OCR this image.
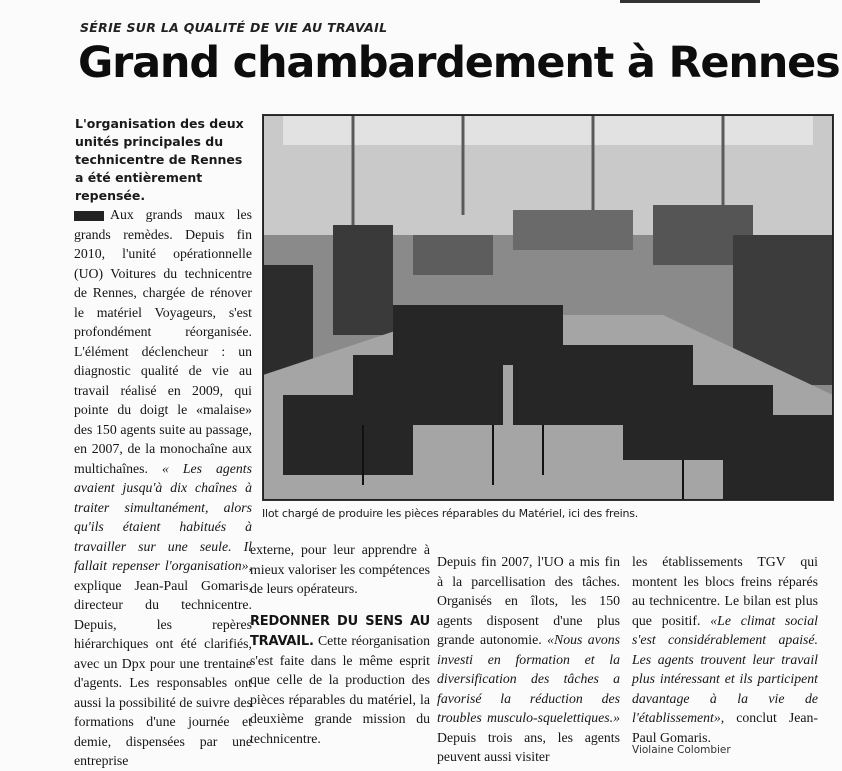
SÉRIE SUR LA QUALITÉ DE VIE AU TRAVAIL
Grand chambardement à Rennes
L'organisation des deux unités principales du technicentre de Rennes a été entièrement repensée.
Ilot chargé de produire les pièces réparables du Matériel, ici des freins.
Aux grands maux les grands remèdes. Depuis fin 2010, l'unité opérationnelle (UO) Voitures du technicentre de Rennes, chargée de rénover le matériel Voyageurs, s'est profondément réorganisée. L'élément déclencheur : un diagnostic qualité de vie au travail réalisé en 2009, qui pointe du doigt le «malaise» des 150 agents suite au passage, en 2007, de la monochaîne aux multichaînes. « Les agents avaient jusqu'à dix chaînes à traiter simultanément, alors qu'ils étaient habitués à travailler sur une seule. Il fallait repenser l'organisation», explique Jean-Paul Gomaris, directeur du technicentre. Depuis, les repères hiérarchiques ont été clarifiés, avec un Dpx pour une trentaine d'agents. Les responsables ont aussi la possibilité de suivre des formations d'une journée et demie, dispensées par une entreprise
externe, pour leur apprendre à mieux valoriser les compétences de leurs opérateurs.
REDONNER DU SENS AU TRAVAIL. Cette réorganisation s'est faite dans le même esprit que celle de la production des pièces réparables du matériel, la deuxième grande mission du technicentre.
Depuis fin 2007, l'UO a mis fin à la parcellisation des tâches. Organisés en îlots, les 150 agents disposent d'une plus grande autonomie. «Nous avons investi en formation et la diversification des tâches a favorisé la réduction des troubles musculo-squelettiques.» Depuis trois ans, les agents peuvent aussi visiter
les établissements TGV qui montent les blocs freins réparés au technicentre. Le bilan est plus que positif. «Le climat social s'est considérablement apaisé. Les agents trouvent leur travail plus intéressant et ils participent davantage à la vie de l'établissement», conclut Jean-Paul Gomaris.
Violaine Colombier
